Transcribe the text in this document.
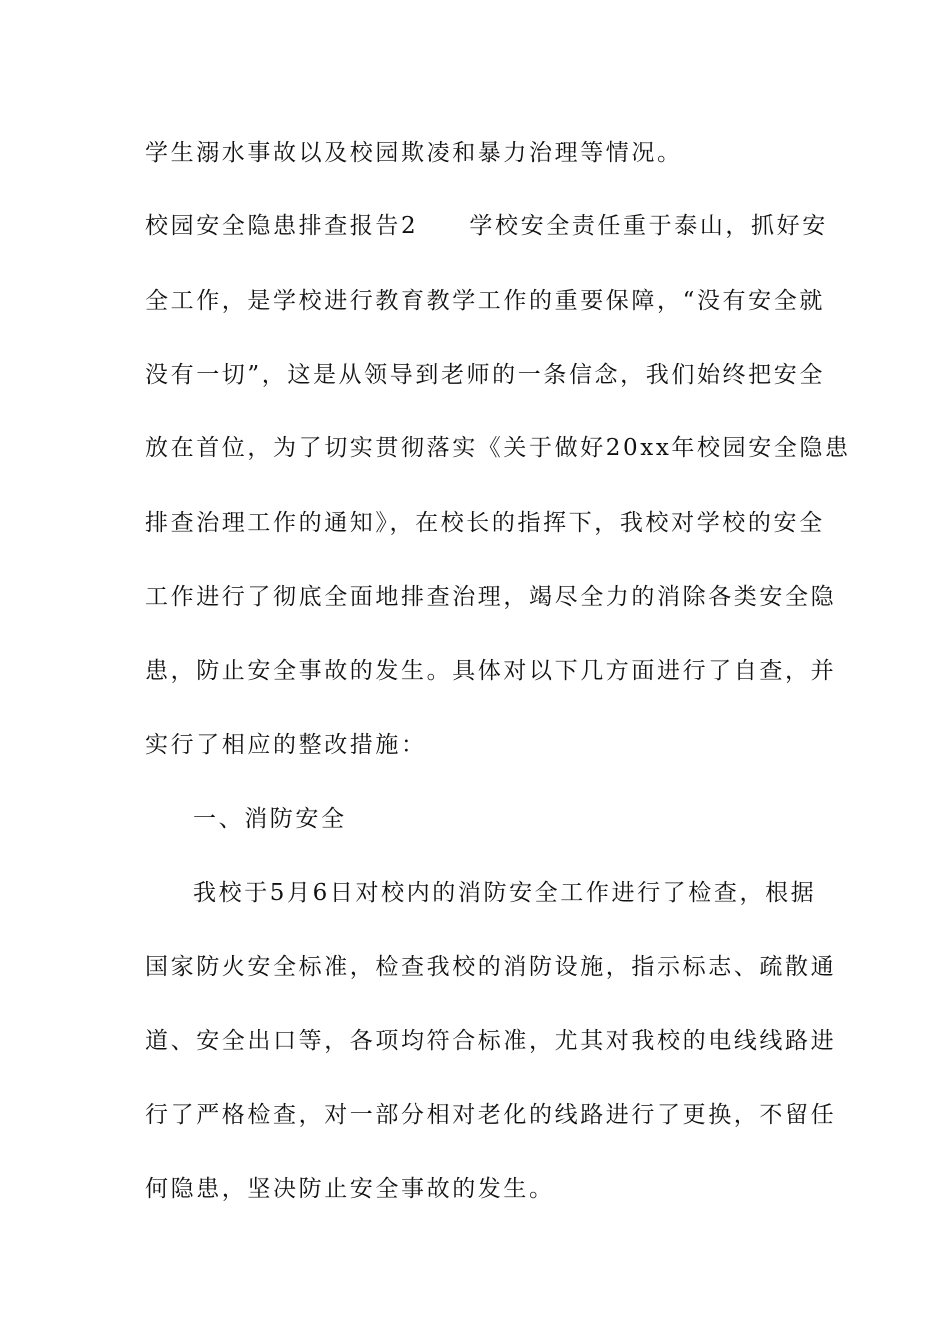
学生溺水事故以及校园欺凌和暴力治理等情况。
校园安全隐患排查报告2　　学校安全责任重于泰山，抓好安
全工作，是学校进行教育教学工作的重要保障，“没有安全就
没有一切”，这是从领导到老师的一条信念，我们始终把安全
放在首位，为了切实贯彻落实《关于做好20xx年校园安全隐患
排查治理工作的通知》，在校长的指挥下，我校对学校的安全
工作进行了彻底全面地排查治理，竭尽全力的消除各类安全隐
患，防止安全事故的发生。具体对以下几方面进行了自查，并
实行了相应的整改措施：
一、消防安全
我校于5月6日对校内的消防安全工作进行了检查，根据
国家防火安全标准，检查我校的消防设施，指示标志、疏散通
道、安全出口等，各项均符合标准，尤其对我校的电线线路进
行了严格检查，对一部分相对老化的线路进行了更换，不留任
何隐患，坚决防止安全事故的发生。
